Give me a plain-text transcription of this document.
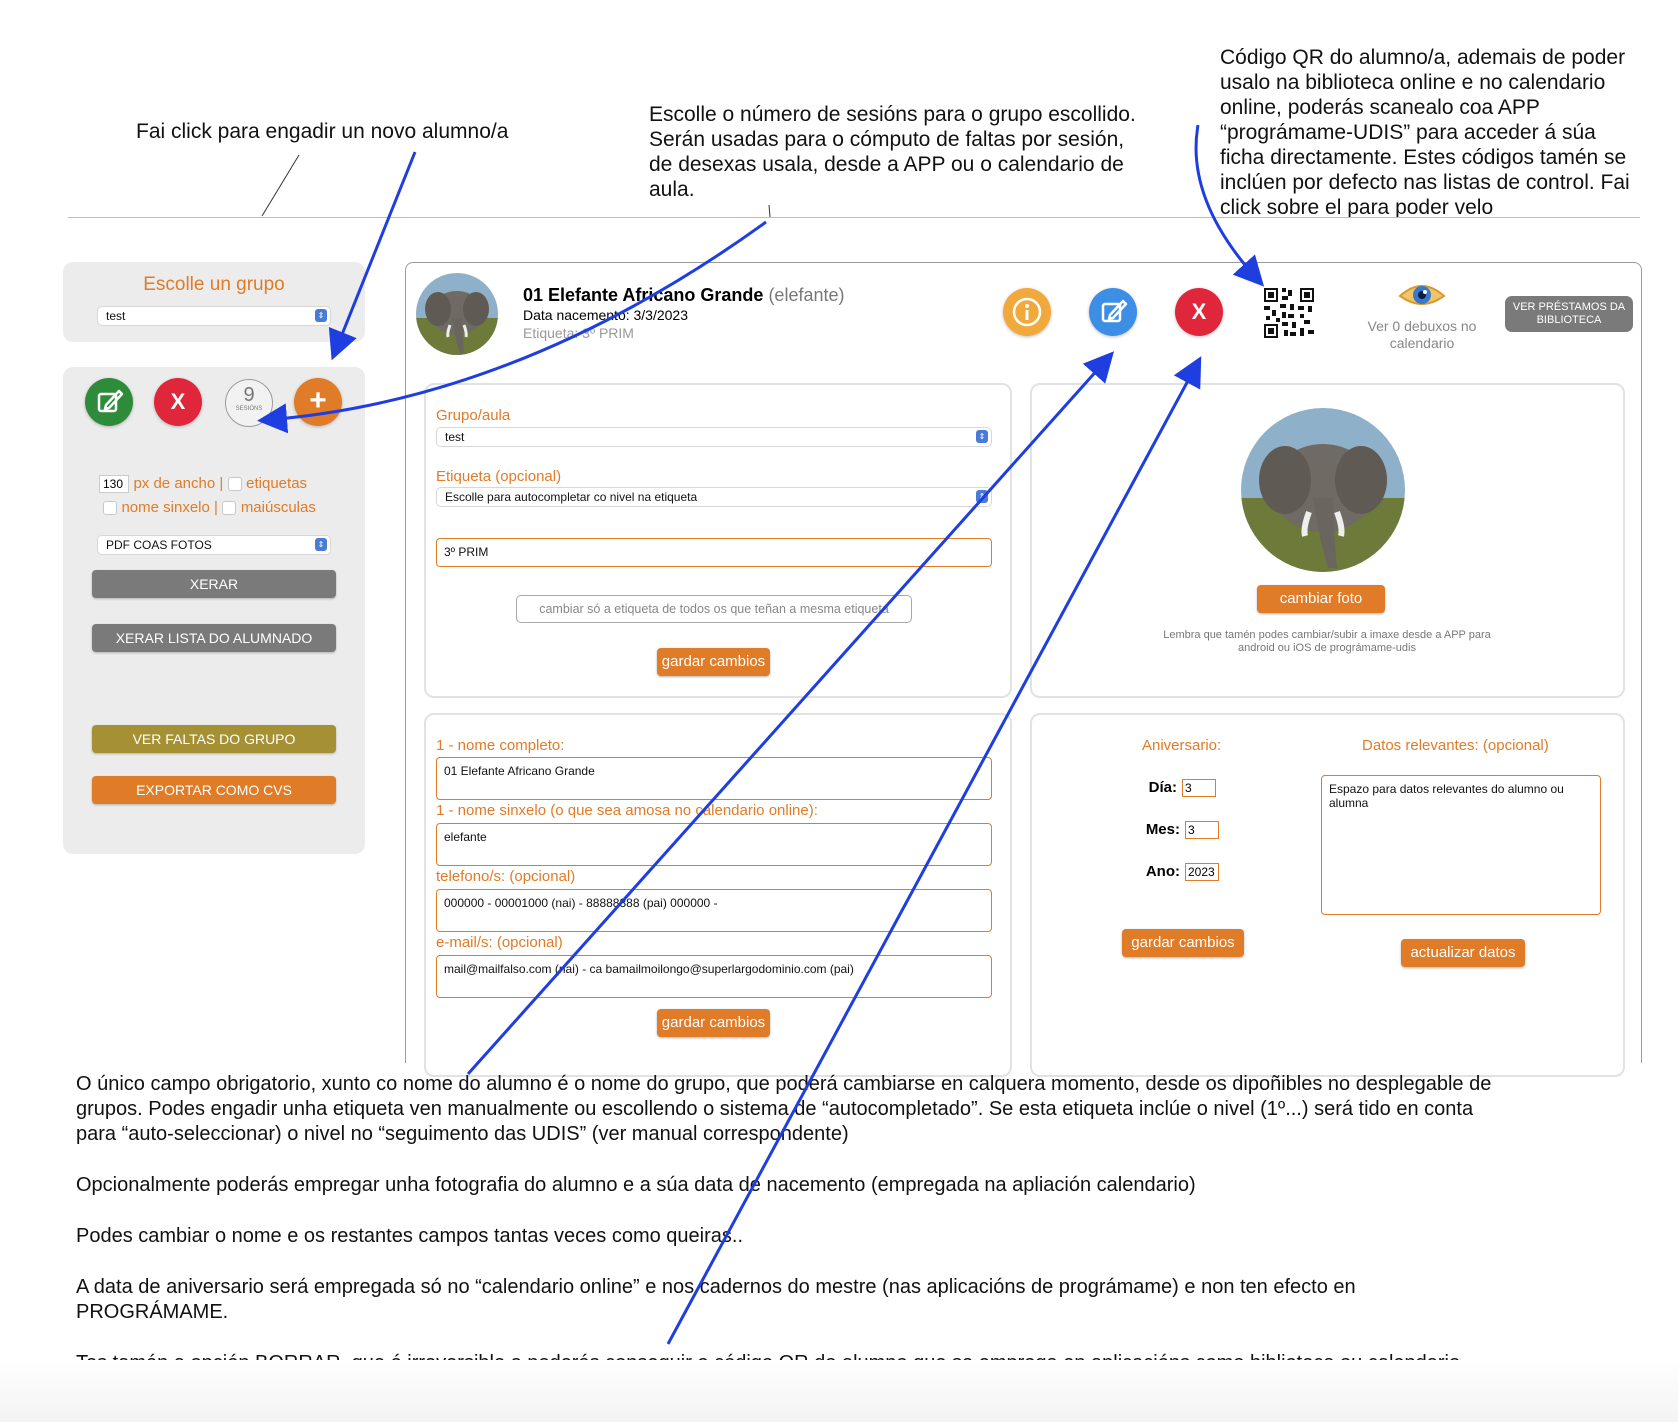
Escolle un grupo
test	⇕
X	9
SESIÓNS	+
130 px de ancho | etiquetas
nome sinxelo | maiúsculas
PDF COAS FOTOS	⇕
XERAR
XERAR LISTA DO ALUMNADO
VER FALTAS DO GRUPO
EXPORTAR COMO CVS
01 Elefante Africano Grande (elefante)
Data nacemento: 3/3/2023
Etiqueta: 3º PRIM
X
Ver 0 debuxos no calendario
VER PRÉSTAMOS DA BIBLIOTECA
Grupo/aula
test	⇕
Etiqueta (opcional)
Escolle para autocompletar co nivel na etiqueta	⇕
3º PRIM
cambiar só a etiqueta de todos os que teñan a mesma etiqueta
gardar cambios
cambiar foto
Lembra que tamén podes cambiar/subir a imaxe desde a APP para android ou iOS de prográmame-udis
1 - nome completo:
01 Elefante Africano Grande
1 - nome sinxelo (o que sea amosa no calendario online):
elefante
telefono/s: (opcional)
000000 - 00001000 (nai) - 88888888 (pai) 000000 -
e-mail/s: (opcional)
mail@mailfalso.com (nai) - ca bamailmoilongo@superlargodominio.com (pai)
gardar cambios
Aniversario:
Día: 3
Mes: 3
Ano: 2023
gardar cambios
Datos relevantes: (opcional)
Espazo para datos relevantes do alumno ou alumna
actualizar datos
Fai click para engadir un novo alumno/a
Escolle o número de sesións para o grupo escollido. Serán usadas para o cómputo de faltas por sesión, de desexas usala, desde a APP ou o calendario de aula.
Código QR do alumno/a, ademais de poder usalo na biblioteca online e no calendario online, poderás scanealo coa APP “prográmame-UDIS” para acceder á súa ficha directamente. Estes códigos tamén se inclúen por defecto nas listas de control. Fai click sobre el para poder velo
O único campo obrigatorio, xunto co nome do alumno é o nome do grupo, que poderá cambiarse en calquera momento, desde os dipoñibles no desplegable de grupos. Podes engadir unha etiqueta ven manualmente ou escollendo o sistema de “autocompletado”. Se esta etiqueta inclúe o nivel (1º...) será tido en conta para “auto-seleccionar) o nivel no “seguimento das UDIS” (ver manual correspondente)
Opcionalmente poderás empregar unha fotografia do alumno e a súa data de nacemento (empregada na apliación calendario)
Podes cambiar o nome e os restantes campos tantas veces como queiras..
A data de aniversario será empregada só no “calendario online” e nos cadernos do mestre (nas aplicacións de prográmame) e non ten efecto en PROGRÁMAME.
